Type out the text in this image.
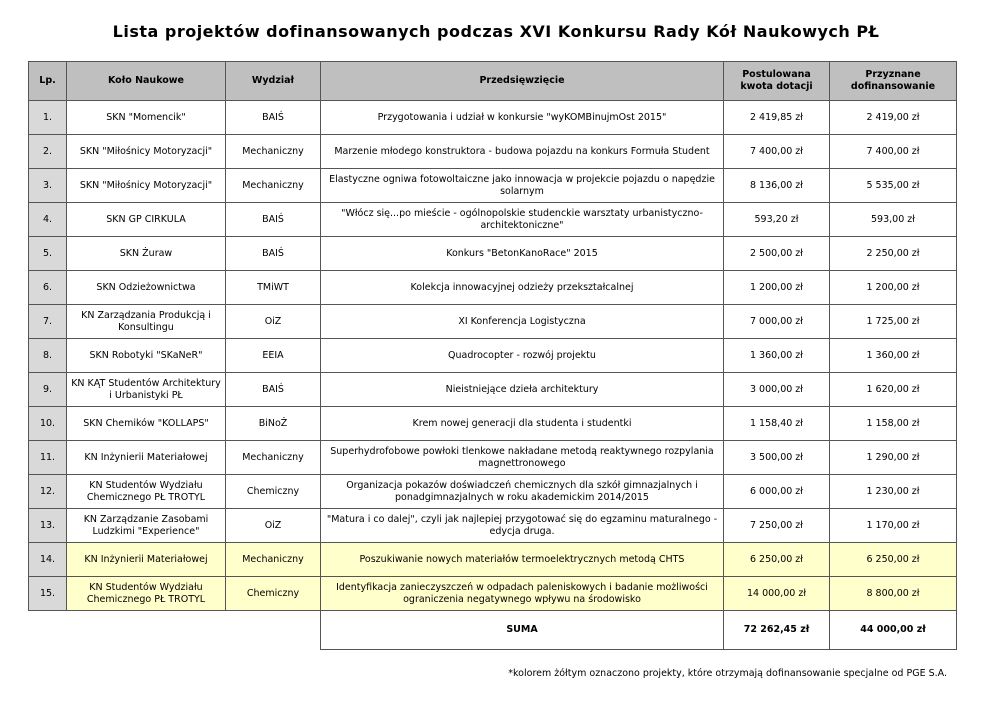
Lista projektów dofinansowanych podczas XVI Konkursu Rady Kół Naukowych PŁ
Lp.	Koło Naukowe	Wydział	Przedsięwzięcie	Postulowana kwota dotacji	Przyznane dofinansowanie
1.	SKN "Momencik"	BAIŚ	Przygotowania i udział w konkursie "wyKOMBinujmOst 2015"	2 419,85 zł	2 419,00 zł
2.	SKN "Miłośnicy Motoryzacji"	Mechaniczny	Marzenie młodego konstruktora - budowa pojazdu na konkurs Formuła Student	7 400,00 zł	7 400,00 zł
3.	SKN "Miłośnicy Motoryzacji"	Mechaniczny	Elastyczne ogniwa fotowoltaiczne jako innowacja w projekcie pojazdu o napędzie solarnym	8 136,00 zł	5 535,00 zł
4.	SKN GP CIRKULA	BAIŚ	"Włócz się...po mieście - ogólnopolskie studenckie warsztaty urbanistyczno-architektoniczne"	593,20 zł	593,00 zł
5.	SKN Żuraw	BAIŚ	Konkurs "BetonKanoRace" 2015	2 500,00 zł	2 250,00 zł
6.	SKN Odzieżownictwa	TMiWT	Kolekcja innowacyjnej odzieży przekształcalnej	1 200,00 zł	1 200,00 zł
7.	KN Zarządzania Produkcją i Konsultingu	OiZ	XI Konferencja Logistyczna	7 000,00 zł	1 725,00 zł
8.	SKN Robotyki "SKaNeR"	EEIA	Quadrocopter - rozwój projektu	1 360,00 zł	1 360,00 zł
9.	KN KĄT Studentów Architektury i Urbanistyki PŁ	BAIŚ	Nieistniejące dzieła architektury	3 000,00 zł	1 620,00 zł
10.	SKN Chemików "KOLLAPS"	BiNoŻ	Krem nowej generacji dla studenta i studentki	1 158,40 zł	1 158,00 zł
11.	KN Inżynierii Materiałowej	Mechaniczny	Superhydrofobowe powłoki tlenkowe nakładane metodą reaktywnego rozpylania magnettronowego	3 500,00 zł	1 290,00 zł
12.	KN Studentów Wydziału Chemicznego PŁ TROTYL	Chemiczny	Organizacja pokazów doświadczeń chemicznych dla szkół gimnazjalnych i ponadgimnazjalnych w roku akademickim 2014/2015	6 000,00 zł	1 230,00 zł
13.	KN Zarządzanie Zasobami Ludzkimi "Experience"	OiZ	"Matura i co dalej", czyli jak najlepiej przygotować się do egzaminu maturalnego - edycja druga.	7 250,00 zł	1 170,00 zł
14.	KN Inżynierii Materiałowej	Mechaniczny	Poszukiwanie nowych materiałów termoelektrycznych metodą CHTS	6 250,00 zł	6 250,00 zł
15.	KN Studentów Wydziału Chemicznego PŁ TROTYL	Chemiczny	Identyfikacja zanieczyszczeń w odpadach paleniskowych i badanie możliwości ograniczenia negatywnego wpływu na środowisko	14 000,00 zł	8 800,00 zł
			SUMA	72 262,45 zł	44 000,00 zł
*kolorem żółtym oznaczono projekty, które otrzymają dofinansowanie specjalne od PGE S.A.
